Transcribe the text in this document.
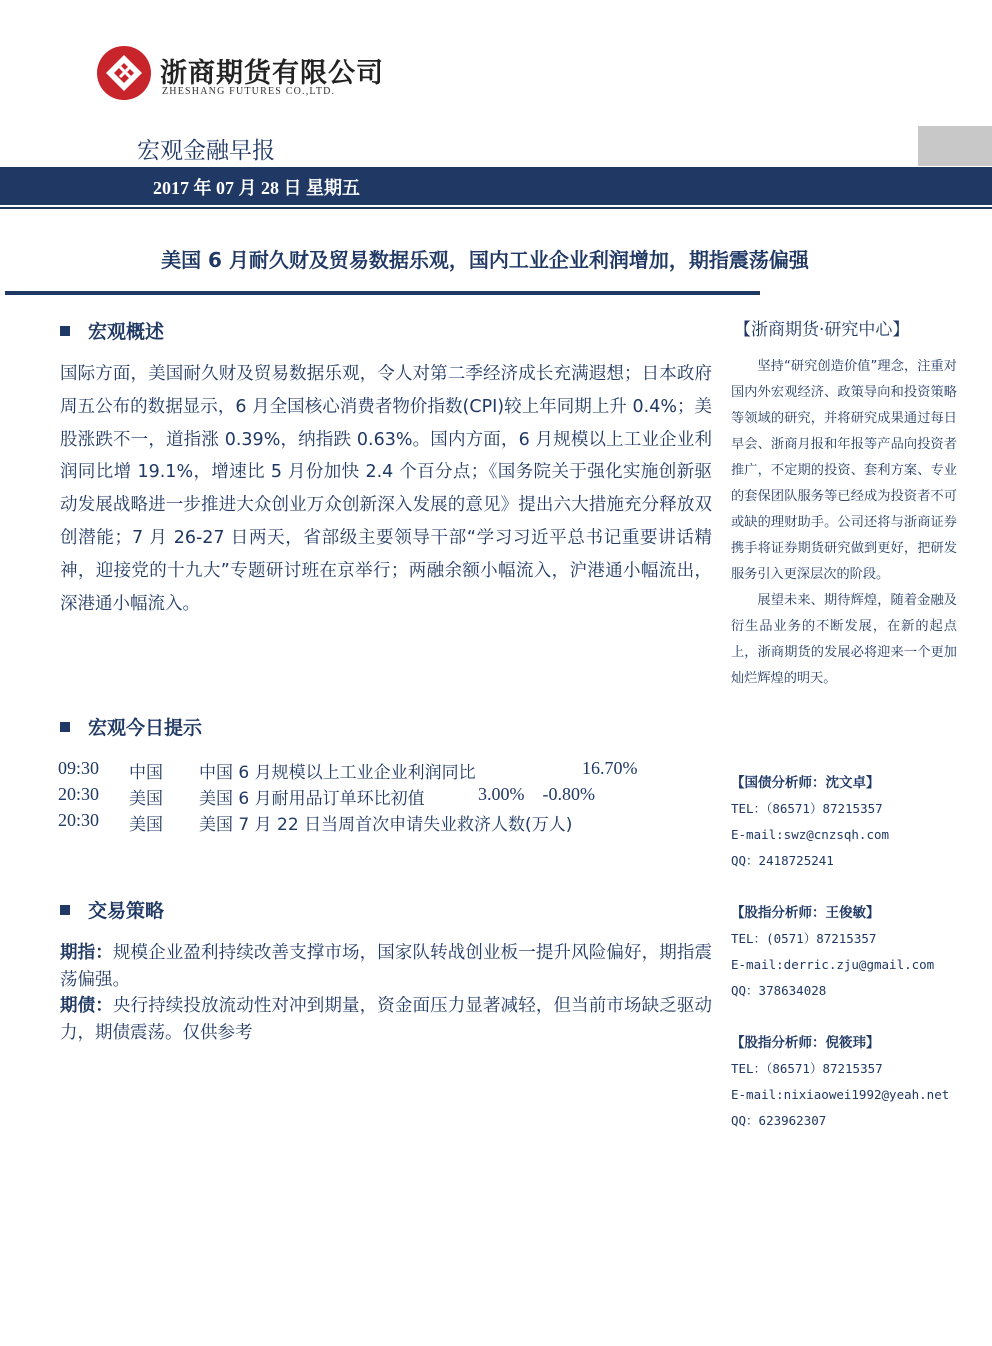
浙商期货有限公司
ZHESHANG FUTURES CO.,LTD.
宏观金融早报
2017 年 07 月 28 日 星期五
美国 6 月耐久财及贸易数据乐观，国内工业企业利润增加，期指震荡偏强
宏观概述

国际方面，美国耐久财及贸易数据乐观，令人对第二季经济成长充满遐想；日本政府周五公布的数据显示，6 月全国核心消费者物价指数(CPI)较上年同期上升 0.4%；美股涨跌不一，道指涨 0.39%，纳指跌 0.63%。国内方面，6 月规模以上工业企业利润同比增 19.1%，增速比 5 月份加快 2.4 个百分点；《国务院关于强化实施创新驱动发展战略进一步推进大众创业万众创新深入发展的意见》提出六大措施充分释放双创潜能；7 月 26-27 日两天，省部级主要领导干部“学习习近平总书记重要讲话精神，迎接党的十九大”专题研讨班在京举行；两融余额小幅流入，沪港通小幅流出，深港通小幅流入。

宏观今日提示
09:30 中国 中国 6 月规模以上工业企业利润同比	16.70%
20:30 美国 美国 6 月耐用品订单环比初值	3.00%    -0.80%
20:30 美国 美国 7 月 22 日当周首次申请失业救济人数(万人)
交易策略

期指：规模企业盈利持续改善支撑市场，国家队转战创业板一提升风险偏好，期指震荡偏强。

期债：央行持续投放流动性对冲到期量，资金面压力显著减轻，但当前市场缺乏驱动力，期债震荡。仅供参考

【浙商期货·研究中心】

坚持“研究创造价值”理念，注重对国内外宏观经济、政策导向和投资策略等领域的研究，并将研究成果通过每日早会、浙商月报和年报等产品向投资者推广，不定期的投资、套利方案、专业的套保团队服务等已经成为投资者不可或缺的理财助手。公司还将与浙商证券携手将证券期货研究做到更好，把研发服务引入更深层次的阶段。

展望未来、期待辉煌，随着金融及衍生品业务的不断发展，在新的起点上，浙商期货的发展必将迎来一个更加灿烂辉煌的明天。

【国债分析师：沈文卓】
TEL：（86571）87215357
E-mail:swz@cnzsqh.com
QQ：2418725241
【股指分析师：王俊敏】
TEL：(0571）87215357
E-mail:derric.zju@gmail.com
QQ：378634028
【股指分析师：倪筱玮】
TEL：（86571）87215357
E-mail:nixiaowei1992@yeah.net
QQ：623962307
